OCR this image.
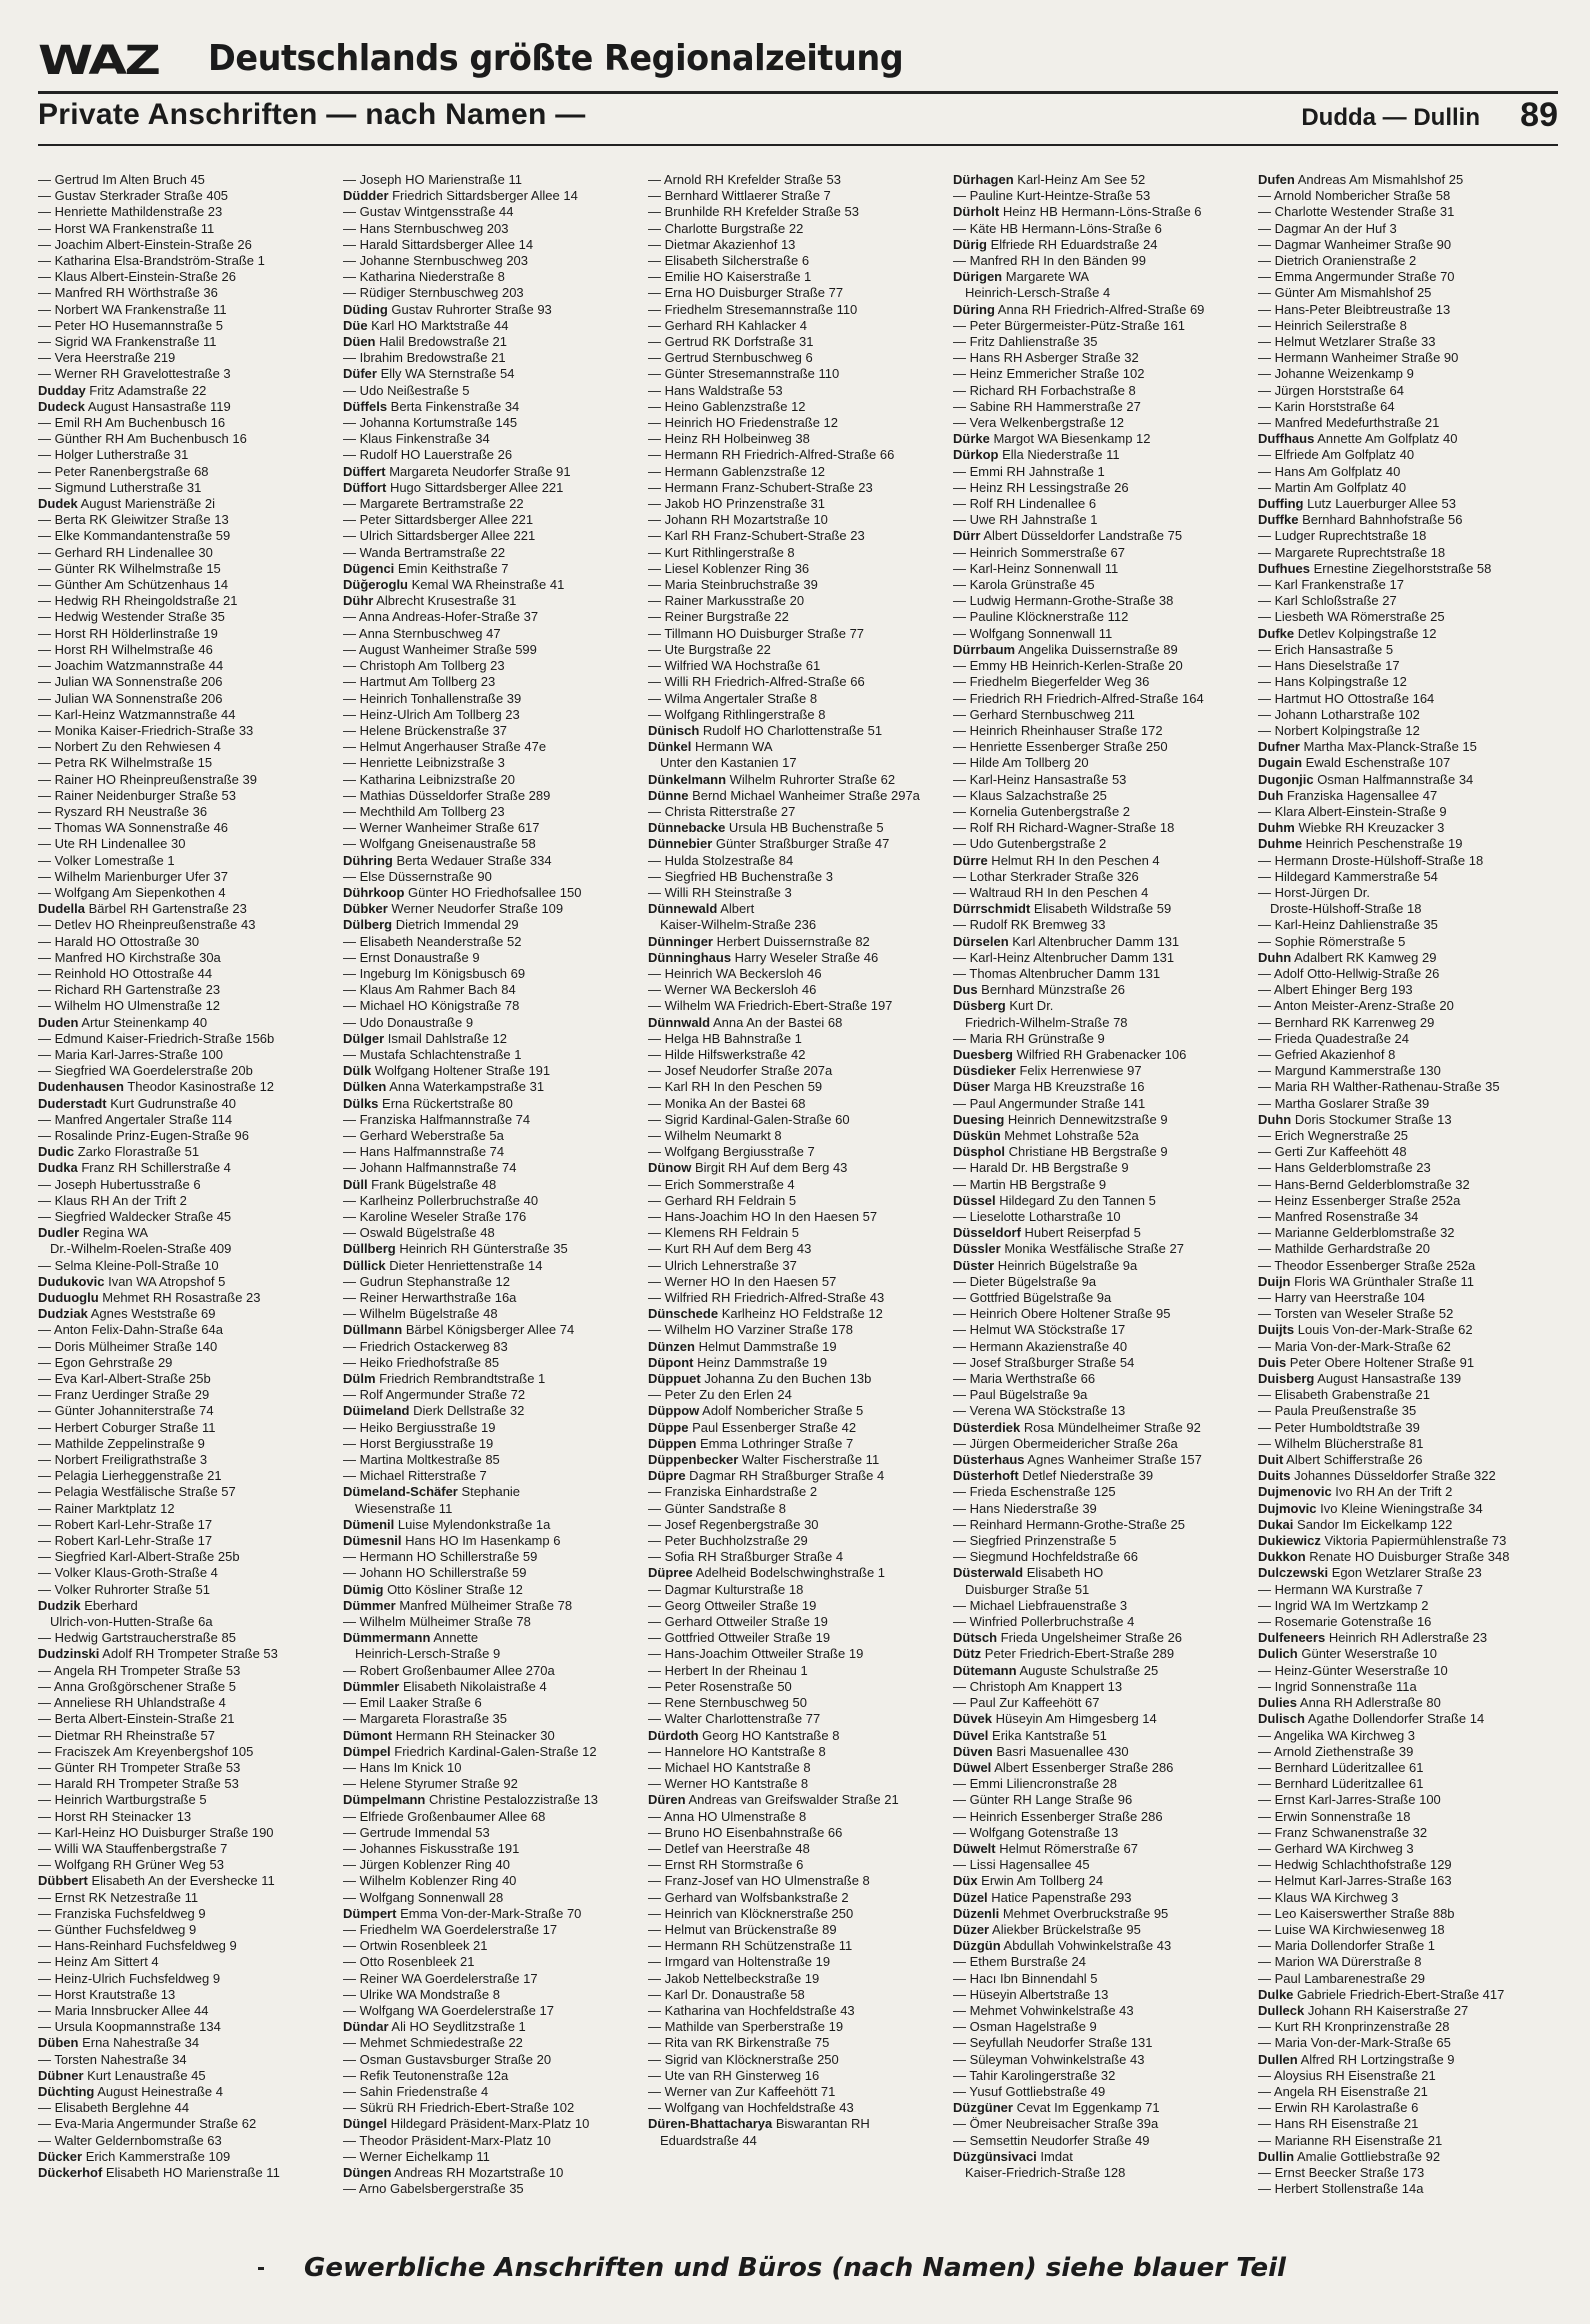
WAZ Deutschlands größte Regionalzeitung
Private Anschriften — nach Namen —	Dudda — Dullin 89
— Gertrud Im Alten Bruch 45
— Gustav Sterkrader Straße 405
— Henriette Mathildenstraße 23
— Horst WA Frankenstraße 11
— Joachim Albert-Einstein-Straße 26
— Katharina Elsa-Brandström-Straße 1
— Klaus Albert-Einstein-Straße 26
— Manfred RH Wörthstraße 36
— Norbert WA Frankenstraße 11
— Peter HO Husemannstraße 5
— Sigrid WA Frankenstraße 11
— Vera Heerstraße 219
— Werner RH Gravelottestraße 3
Dudday Fritz Adamstraße 22
Dudeck August Hansastraße 119
— Emil RH Am Buchenbusch 16
— Günther RH Am Buchenbusch 16
— Holger Lutherstraße 31
— Peter Ranenbergstraße 68
— Sigmund Lutherstraße 31
Dudek August Mariensträße 2i
— Berta RK Gleiwitzer Straße 13
— Elke Kommandantenstraße 59
— Gerhard RH Lindenallee 30
— Günter RK Wilhelmstraße 15
— Günther Am Schützenhaus 14
— Hedwig RH Rheingoldstraße 21
— Hedwig Westender Straße 35
— Horst RH Hölderlinstraße 19
— Horst RH Wilhelmstraße 46
— Joachim Watzmannstraße 44
— Julian WA Sonnenstraße 206
— Julian WA Sonnenstraße 206
— Karl-Heinz Watzmannstraße 44
— Monika Kaiser-Friedrich-Straße 33
— Norbert Zu den Rehwiesen 4
— Petra RK Wilhelmstraße 15
— Rainer HO Rheinpreußenstraße 39
— Rainer Neidenburger Straße 53
— Ryszard RH Neustraße 36
— Thomas WA Sonnenstraße 46
— Ute RH Lindenallee 30
— Volker Lomestraße 1
— Wilhelm Marienburger Ufer 37
— Wolfgang Am Siepenkothen 4
Dudella Bärbel RH Gartenstraße 23
— Detlev HO Rheinpreußenstraße 43
— Harald HO Ottostraße 30
— Manfred HO Kirchstraße 30a
— Reinhold HO Ottostraße 44
— Richard RH Gartenstraße 23
— Wilhelm HO Ulmenstraße 12
Duden Artur Steinenkamp 40
— Edmund Kaiser-Friedrich-Straße 156b
— Maria Karl-Jarres-Straße 100
— Siegfried WA Goerdelerstraße 20b
Dudenhausen Theodor Kasinostraße 12
Duderstadt Kurt Gudrunstraße 40
— Manfred Angertaler Straße 114
— Rosalinde Prinz-Eugen-Straße 96
Dudic Zarko Florastraße 51
Dudka Franz RH Schillerstraße 4
— Joseph Hubertusstraße 6
— Klaus RH An der Trift 2
— Siegfried Waldecker Straße 45
Dudler Regina WA
Dr.-Wilhelm-Roelen-Straße 409
— Selma Kleine-Poll-Straße 10
Dudukovic Ivan WA Atropshof 5
Duduoglu Mehmet RH Rosastraße 23
Dudziak Agnes Weststraße 69
— Anton Felix-Dahn-Straße 64a
— Doris Mülheimer Straße 140
— Egon Gehrstraße 29
— Eva Karl-Albert-Straße 25b
— Franz Uerdinger Straße 29
— Günter Johanniterstraße 74
— Herbert Coburger Straße 11
— Mathilde Zeppelinstraße 9
— Norbert Freiligrathstraße 3
— Pelagia Lierheggenstraße 21
— Pelagia Westfälische Straße 57
— Rainer Marktplatz 12
— Robert Karl-Lehr-Straße 17
— Robert Karl-Lehr-Straße 17
— Siegfried Karl-Albert-Straße 25b
— Volker Klaus-Groth-Straße 4
— Volker Ruhrorter Straße 51
Dudzik Eberhard
Ulrich-von-Hutten-Straße 6a
— Hedwig Gartstraucherstraße 85
Dudzinski Adolf RH Trompeter Straße 53
— Angela RH Trompeter Straße 53
— Anna Großgörschener Straße 5
— Anneliese RH Uhlandstraße 4
— Berta Albert-Einstein-Straße 21
— Dietmar RH Rheinstraße 57
— Fraciszek Am Kreyenbergshof 105
— Günter RH Trompeter Straße 53
— Harald RH Trompeter Straße 53
— Heinrich Wartburgstraße 5
— Horst RH Steinacker 13
— Karl-Heinz HO Duisburger Straße 190
— Willi WA Stauffenbergstraße 7
— Wolfgang RH Grüner Weg 53
Dübbert Elisabeth An der Evershecke 11
— Ernst RK Netzestraße 11
— Franziska Fuchsfeldweg 9
— Günther Fuchsfeldweg 9
— Hans-Reinhard Fuchsfeldweg 9
— Heinz Am Sittert 4
— Heinz-Ulrich Fuchsfeldweg 9
— Horst Krautstraße 13
— Maria Innsbrucker Allee 44
— Ursula Koopmannstraße 134
Düben Erna Nahestraße 34
— Torsten Nahestraße 34
Dübner Kurt Lenaustraße 45
Düchting August Heinestraße 4
— Elisabeth Berglehne 44
— Eva-Maria Angermunder Straße 62
— Walter Geldernbomstraße 63
Dücker Erich Kammerstraße 109
Dückerhof Elisabeth HO Marienstraße 11
— Joseph HO Marienstraße 11
Düdder Friedrich Sittardsberger Allee 14
— Gustav Wintgensstraße 44
— Hans Sternbuschweg 203
— Harald Sittardsberger Allee 14
— Johanne Sternbuschweg 203
— Katharina Niederstraße 8
— Rüdiger Sternbuschweg 203
Düding Gustav Ruhrorter Straße 93
Düe Karl HO Marktstraße 44
Düen Halil Bredowstraße 21
— Ibrahim Bredowstraße 21
Düfer Elly WA Sternstraße 54
— Udo Neißestraße 5
Düffels Berta Finkenstraße 34
— Johanna Kortumstraße 145
— Klaus Finkenstraße 34
— Rudolf HO Lauerstraße 26
Düffert Margareta Neudorfer Straße 91
Düffort Hugo Sittardsberger Allee 221
— Margarete Bertramstraße 22
— Peter Sittardsberger Allee 221
— Ulrich Sittardsberger Allee 221
— Wanda Bertramstraße 22
Dügenci Emin Keithstraße 7
Düğeroglu Kemal WA Rheinstraße 41
Dühr Albrecht Krusestraße 31
— Anna Andreas-Hofer-Straße 37
— Anna Sternbuschweg 47
— August Wanheimer Straße 599
— Christoph Am Tollberg 23
— Hartmut Am Tollberg 23
— Heinrich Tonhallenstraße 39
— Heinz-Ulrich Am Tollberg 23
— Helene Brückenstraße 37
— Helmut Angerhauser Straße 47e
— Henriette Leibnizstraße 3
— Katharina Leibnizstraße 20
— Mathias Düsseldorfer Straße 289
— Mechthild Am Tollberg 23
— Werner Wanheimer Straße 617
— Wolfgang Gneisenaustraße 58
Dühring Berta Wedauer Straße 334
— Else Düssernstraße 90
Dührkoop Günter HO Friedhofsallee 150
Dübker Werner Neudorfer Straße 109
Dülberg Dietrich Immendal 29
— Elisabeth Neanderstraße 52
— Ernst Donaustraße 9
— Ingeburg Im Königsbusch 69
— Klaus Am Rahmer Bach 84
— Michael HO Königstraße 78
— Udo Donaustraße 9
Dülger Ismail Dahlstraße 12
— Mustafa Schlachtenstraße 1
Dülk Wolfgang Holtener Straße 191
Dülken Anna Waterkampstraße 31
Dülks Erna Rückertstraße 80
— Franziska Halfmannstraße 74
— Gerhard Weberstraße 5a
— Hans Halfmannstraße 74
— Johann Halfmannstraße 74
Düll Frank Bügelstraße 48
— Karlheinz Pollerbruchstraße 40
— Karoline Weseler Straße 176
— Oswald Bügelstraße 48
Düllberg Heinrich RH Günterstraße 35
Düllick Dieter Henriettenstraße 14
— Gudrun Stephanstraße 12
— Reiner Herwarthstraße 16a
— Wilhelm Bügelstraße 48
Düllmann Bärbel Königsberger Allee 74
— Friedrich Ostackerweg 83
— Heiko Friedhofstraße 85
Dülm Friedrich Rembrandtstraße 1
— Rolf Angermunder Straße 72
Düimeland Dierk Dellstraße 32
— Heiko Bergiusstraße 19
— Horst Bergiusstraße 19
— Martina Moltkestraße 85
— Michael Ritterstraße 7
Dümeland-Schäfer Stephanie
Wiesenstraße 11
Dümenil Luise Mylendonkstraße 1a
Dümesnil Hans HO Im Hasenkamp 6
— Hermann HO Schillerstraße 59
— Johann HO Schillerstraße 59
Dümig Otto Kösliner Straße 12
Dümmer Manfred Mülheimer Straße 78
— Wilhelm Mülheimer Straße 78
Dümmermann Annette
Heinrich-Lersch-Straße 9
— Robert Großenbaumer Allee 270a
Dümmler Elisabeth Nikolaistraße 4
— Emil Laaker Straße 6
— Margareta Florastraße 35
Dümont Hermann RH Steinacker 30
Dümpel Friedrich Kardinal-Galen-Straße 12
— Hans Im Knick 10
— Helene Styrumer Straße 92
Dümpelmann Christine Pestalozzistraße 13
— Elfriede Großenbaumer Allee 68
— Gertrude Immendal 53
— Johannes Fiskusstraße 191
— Jürgen Koblenzer Ring 40
— Wilhelm Koblenzer Ring 40
— Wolfgang Sonnenwall 28
Dümpert Emma Von-der-Mark-Straße 70
— Friedhelm WA Goerdelerstraße 17
— Ortwin Rosenbleek 21
— Otto Rosenbleek 21
— Reiner WA Goerdelerstraße 17
— Ulrike WA Mondstraße 8
— Wolfgang WA Goerdelerstraße 17
Dündar Ali HO Seydlitzstraße 1
— Mehmet Schmiedestraße 22
— Osman Gustavsburger Straße 20
— Refik Teutonenstraße 12a
— Sahin Friedenstraße 4
— Sükrü RH Friedrich-Ebert-Straße 102
Düngel Hildegard Präsident-Marx-Platz 10
— Theodor Präsident-Marx-Platz 10
— Werner Eichelkamp 11
Düngen Andreas RH Mozartstraße 10
— Arno Gabelsbergerstraße 35
— Arnold RH Krefelder Straße 53
— Bernhard Wittlaerer Straße 7
— Brunhilde RH Krefelder Straße 53
— Charlotte Burgstraße 22
— Dietmar Akazienhof 13
— Elisabeth Silcherstraße 6
— Emilie HO Kaiserstraße 1
— Erna HO Duisburger Straße 77
— Friedhelm Stresemannstraße 110
— Gerhard RH Kahlacker 4
— Gertrud RK Dorfstraße 31
— Gertrud Sternbuschweg 6
— Günter Stresemannstraße 110
— Hans Waldstraße 53
— Heino Gablenzstraße 12
— Heinrich HO Friedenstraße 12
— Heinz RH Holbeinweg 38
— Hermann RH Friedrich-Alfred-Straße 66
— Hermann Gablenzstraße 12
— Hermann Franz-Schubert-Straße 23
— Jakob HO Prinzenstraße 31
— Johann RH Mozartstraße 10
— Karl RH Franz-Schubert-Straße 23
— Kurt Rithlingerstraße 8
— Liesel Koblenzer Ring 36
— Maria Steinbruchstraße 39
— Rainer Markusstraße 20
— Reiner Burgstraße 22
— Tillmann HO Duisburger Straße 77
— Ute Burgstraße 22
— Wilfried WA Hochstraße 61
— Willi RH Friedrich-Alfred-Straße 66
— Wilma Angertaler Straße 8
— Wolfgang Rithlingerstraße 8
Dünisch Rudolf HO Charlottenstraße 51
Dünkel Hermann WA
Unter den Kastanien 17
Dünkelmann Wilhelm Ruhrorter Straße 62
Dünne Bernd Michael Wanheimer Straße 297a
— Christa Ritterstraße 27
Dünnebacke Ursula HB Buchenstraße 5
Dünnebier Günter Straßburger Straße 47
— Hulda Stolzestraße 84
— Siegfried HB Buchenstraße 3
— Willi RH Steinstraße 3
Dünnewald Albert
Kaiser-Wilhelm-Straße 236
Dünninger Herbert Duissernstraße 82
Dünninghaus Harry Weseler Straße 46
— Heinrich WA Beckersloh 46
— Werner WA Beckersloh 46
— Wilhelm WA Friedrich-Ebert-Straße 197
Dünnwald Anna An der Bastei 68
— Helga HB Bahnstraße 1
— Hilde Hilfswerkstraße 42
— Josef Neudorfer Straße 207a
— Karl RH In den Peschen 59
— Monika An der Bastei 68
— Sigrid Kardinal-Galen-Straße 60
— Wilhelm Neumarkt 8
— Wolfgang Bergiusstraße 7
Dünow Birgit RH Auf dem Berg 43
— Erich Sommerstraße 4
— Gerhard RH Feldrain 5
— Hans-Joachim HO In den Haesen 57
— Klemens RH Feldrain 5
— Kurt RH Auf dem Berg 43
— Ulrich Lehnerstraße 37
— Werner HO In den Haesen 57
— Wilfried RH Friedrich-Alfred-Straße 43
Dünschede Karlheinz HO Feldstraße 12
— Wilhelm HO Varziner Straße 178
Dünzen Helmut Dammstraße 19
Düpont Heinz Dammstraße 19
Düppuet Johanna Zu den Buchen 13b
— Peter Zu den Erlen 24
Düppow Adolf Nombericher Straße 5
Düppe Paul Essenberger Straße 42
Düppen Emma Lothringer Straße 7
Düppenbecker Walter Fischerstraße 11
Düpre Dagmar RH Straßburger Straße 4
— Franziska Einhardstraße 2
— Günter Sandstraße 8
— Josef Regenbergstraße 30
— Peter Buchholzstraße 29
— Sofia RH Straßburger Straße 4
Düpree Adelheid Bodelschwinghstraße 1
— Dagmar Kulturstraße 18
— Georg Ottweiler Straße 19
— Gerhard Ottweiler Straße 19
— Gottfried Ottweiler Straße 19
— Hans-Joachim Ottweiler Straße 19
— Herbert In der Rheinau 1
— Peter Rosenstraße 50
— Rene Sternbuschweg 50
— Walter Charlottenstraße 77
Dürdoth Georg HO Kantstraße 8
— Hannelore HO Kantstraße 8
— Michael HO Kantstraße 8
— Werner HO Kantstraße 8
Düren Andreas van Greifswalder Straße 21
— Anna HO Ulmenstraße 8
— Bruno HO Eisenbahnstraße 66
— Detlef van Heerstraße 48
— Ernst RH Stormstraße 6
— Franz-Josef van HO Ulmenstraße 8
— Gerhard van Wolfsbankstraße 2
— Heinrich van Klöcknerstraße 250
— Helmut van Brückenstraße 89
— Hermann RH Schützenstraße 11
— Irmgard van Holtenstraße 19
— Jakob Nettelbeckstraße 19
— Karl Dr. Donaustraße 58
— Katharina van Hochfeldstraße 43
— Mathilde van Sperberstraße 19
— Rita van RK Birkenstraße 75
— Sigrid van Klöcknerstraße 250
— Ute van RH Ginsterweg 16
— Werner van Zur Kaffeehött 71
— Wolfgang van Hochfeldstraße 43
Düren-Bhattacharya Biswarantan RH
Eduardstraße 44
Dürhagen Karl-Heinz Am See 52
— Pauline Kurt-Heintze-Straße 53
Dürholt Heinz HB Hermann-Löns-Straße 6
— Käte HB Hermann-Löns-Straße 6
Dürig Elfriede RH Eduardstraße 24
— Manfred RH In den Bänden 99
Dürigen Margarete WA
Heinrich-Lersch-Straße 4
Düring Anna RH Friedrich-Alfred-Straße 69
— Peter Bürgermeister-Pütz-Straße 161
— Fritz Dahlienstraße 35
— Hans RH Asberger Straße 32
— Heinz Emmericher Straße 102
— Richard RH Forbachstraße 8
— Sabine RH Hammerstraße 27
— Vera Welkenbergstraße 12
Dürke Margot WA Biesenkamp 12
Dürkop Ella Niederstraße 11
— Emmi RH Jahnstraße 1
— Heinz RH Lessingstraße 26
— Rolf RH Lindenallee 6
— Uwe RH Jahnstraße 1
Dürr Albert Düsseldorfer Landstraße 75
— Heinrich Sommerstraße 67
— Karl-Heinz Sonnenwall 11
— Karola Grünstraße 45
— Ludwig Hermann-Grothe-Straße 38
— Pauline Klöcknerstraße 112
— Wolfgang Sonnenwall 11
Dürrbaum Angelika Duissernstraße 89
— Emmy HB Heinrich-Kerlen-Straße 20
— Friedhelm Biegerfelder Weg 36
— Friedrich RH Friedrich-Alfred-Straße 164
— Gerhard Sternbuschweg 211
— Heinrich Rheinhauser Straße 172
— Henriette Essenberger Straße 250
— Hilde Am Tollberg 20
— Karl-Heinz Hansastraße 53
— Klaus Salzachstraße 25
— Kornelia Gutenbergstraße 2
— Rolf RH Richard-Wagner-Straße 18
— Udo Gutenbergstraße 2
Dürre Helmut RH In den Peschen 4
— Lothar Sterkrader Straße 326
— Waltraud RH In den Peschen 4
Dürrschmidt Elisabeth Wildstraße 59
— Rudolf RK Bremweg 33
Dürselen Karl Altenbrucher Damm 131
— Karl-Heinz Altenbrucher Damm 131
— Thomas Altenbrucher Damm 131
Dus Bernhard Münzstraße 26
Düsberg Kurt Dr.
Friedrich-Wilhelm-Straße 78
— Maria RH Grünstraße 9
Duesberg Wilfried RH Grabenacker 106
Düsdieker Felix Herrenwiese 97
Düser Marga HB Kreuzstraße 16
— Paul Angermunder Straße 141
Duesing Heinrich Dennewitzstraße 9
Düskün Mehmet Lohstraße 52a
Düsphol Christiane HB Bergstraße 9
— Harald Dr. HB Bergstraße 9
— Martin HB Bergstraße 9
Düssel Hildegard Zu den Tannen 5
— Lieselotte Lotharstraße 10
Düsseldorf Hubert Reiserpfad 5
Düssler Monika Westfälische Straße 27
Düster Heinrich Bügelstraße 9a
— Dieter Bügelstraße 9a
— Gottfried Bügelstraße 9a
— Heinrich Obere Holtener Straße 95
— Helmut WA Stöckstraße 17
— Hermann Akazienstraße 40
— Josef Straßburger Straße 54
— Maria Werthstraße 66
— Paul Bügelstraße 9a
— Verena WA Stöckstraße 13
Düsterdiek Rosa Mündelheimer Straße 92
— Jürgen Obermeidericher Straße 26a
Düsterhaus Agnes Wanheimer Straße 157
Düsterhoft Detlef Niederstraße 39
— Frieda Eschenstraße 125
— Hans Niederstraße 39
— Reinhard Hermann-Grothe-Straße 25
— Siegfried Prinzenstraße 5
— Siegmund Hochfeldstraße 66
Düsterwald Elisabeth HO
Duisburger Straße 51
— Michael Liebfrauenstraße 3
— Winfried Pollerbruchstraße 4
Dütsch Frieda Ungelsheimer Straße 26
Dütz Peter Friedrich-Ebert-Straße 289
Dütemann Auguste Schulstraße 25
— Christoph Am Knappert 13
— Paul Zur Kaffeehött 67
Düvek Hüseyin Am Himgesberg 14
Düvel Erika Kantstraße 51
Düven Basri Masuenallee 430
Düwel Albert Essenberger Straße 286
— Emmi Liliencronstraße 28
— Günter RH Lange Straße 96
— Heinrich Essenberger Straße 286
— Wolfgang Gotenstraße 13
Düwelt Helmut Römerstraße 67
— Lissi Hagensallee 45
Düx Erwin Am Tollberg 24
Düzel Hatice Papenstraße 293
Düzenli Mehmet Overbruckstraße 95
Düzer Aliekber Brückelstraße 95
Düzgün Abdullah Vohwinkelstraße 43
— Ethem Burstraße 24
— Hacı Ibn Binnendahl 5
— Hüseyin Albertstraße 13
— Mehmet Vohwinkelstraße 43
— Osman Hagelstraße 9
— Seyfullah Neudorfer Straße 131
— Süleyman Vohwinkelstraße 43
— Tahir Karolingerstraße 32
— Yusuf Gottliebstraße 49
Düzgüner Cevat Im Eggenkamp 71
— Ömer Neubreisacher Straße 39a
— Semsettin Neudorfer Straße 49
Düzgünsivaci Imdat
Kaiser-Friedrich-Straße 128
Dufen Andreas Am Mismahlshof 25
— Arnold Nombericher Straße 58
— Charlotte Westender Straße 31
— Dagmar An der Huf 3
— Dagmar Wanheimer Straße 90
— Dietrich Oranienstraße 2
— Emma Angermunder Straße 70
— Günter Am Mismahlshof 25
— Hans-Peter Bleibtreustraße 13
— Heinrich Seilerstraße 8
— Helmut Wetzlarer Straße 33
— Hermann Wanheimer Straße 90
— Johanne Weizenkamp 9
— Jürgen Horststraße 64
— Karin Horststraße 64
— Manfred Medefurthstraße 21
Duffhaus Annette Am Golfplatz 40
— Elfriede Am Golfplatz 40
— Hans Am Golfplatz 40
— Martin Am Golfplatz 40
Duffing Lutz Lauerburger Allee 53
Duffke Bernhard Bahnhofstraße 56
— Ludger Ruprechtstraße 18
— Margarete Ruprechtstraße 18
Dufhues Ernestine Ziegelhorststraße 58
— Karl Frankenstraße 17
— Karl Schloßstraße 27
— Liesbeth WA Römerstraße 25
Dufke Detlev Kolpingstraße 12
— Erich Hansastraße 5
— Hans Dieselstraße 17
— Hans Kolpingstraße 12
— Hartmut HO Ottostraße 164
— Johann Lotharstraße 102
— Norbert Kolpingstraße 12
Dufner Martha Max-Planck-Straße 15
Dugain Ewald Eschenstraße 107
Dugonjic Osman Halfmannstraße 34
Duh Franziska Hagensallee 47
— Klara Albert-Einstein-Straße 9
Duhm Wiebke RH Kreuzacker 3
Duhme Heinrich Peschenstraße 19
— Hermann Droste-Hülshoff-Straße 18
— Hildegard Kammerstraße 54
— Horst-Jürgen Dr.
Droste-Hülshoff-Straße 18
— Karl-Heinz Dahlienstraße 35
— Sophie Römerstraße 5
Duhn Adalbert RK Kamweg 29
— Adolf Otto-Hellwig-Straße 26
— Albert Ehinger Berg 193
— Anton Meister-Arenz-Straße 20
— Bernhard RK Karrenweg 29
— Frieda Quadestraße 24
— Gefried Akazienhof 8
— Margund Kammerstraße 130
— Maria RH Walther-Rathenau-Straße 35
— Martha Goslarer Straße 39
Duhn Doris Stockumer Straße 13
— Erich Wegnerstraße 25
— Gerti Zur Kaffeehött 48
— Hans Gelderblomstraße 23
— Hans-Bernd Gelderblomstraße 32
— Heinz Essenberger Straße 252a
— Manfred Rosenstraße 34
— Marianne Gelderblomstraße 32
— Mathilde Gerhardstraße 20
— Theodor Essenberger Straße 252a
Duijn Floris WA Grünthaler Straße 11
— Harry van Heerstraße 104
— Torsten van Weseler Straße 52
Duijts Louis Von-der-Mark-Straße 62
— Maria Von-der-Mark-Straße 62
Duis Peter Obere Holtener Straße 91
Duisberg August Hansastraße 139
— Elisabeth Grabenstraße 21
— Paula Preußenstraße 35
— Peter Humboldtstraße 39
— Wilhelm Blücherstraße 81
Duit Albert Schifferstraße 26
Duits Johannes Düsseldorfer Straße 322
Dujmenovic Ivo RH An der Trift 2
Dujmovic Ivo Kleine Wieningstraße 34
Dukai Sandor Im Eickelkamp 122
Dukiewicz Viktoria Papiermühlenstraße 73
Dukkon Renate HO Duisburger Straße 348
Dulczewski Egon Wetzlarer Straße 23
— Hermann WA Kurstraße 7
— Ingrid WA Im Wertzkamp 2
— Rosemarie Gotenstraße 16
Dulfeneers Heinrich RH Adlerstraße 23
Dulich Günter Weserstraße 10
— Heinz-Günter Weserstraße 10
— Ingrid Sonnenstraße 11a
Dulies Anna RH Adlerstraße 80
Dulisch Agathe Dollendorfer Straße 14
— Angelika WA Kirchweg 3
— Arnold Ziethenstraße 39
— Bernhard Lüderitzallee 61
— Bernhard Lüderitzallee 61
— Ernst Karl-Jarres-Straße 100
— Erwin Sonnenstraße 18
— Franz Schwanenstraße 32
— Gerhard WA Kirchweg 3
— Hedwig Schlachthofstraße 129
— Helmut Karl-Jarres-Straße 163
— Klaus WA Kirchweg 3
— Leo Kaiserswerther Straße 88b
— Luise WA Kirchwiesenweg 18
— Maria Dollendorfer Straße 1
— Marion WA Dürerstraße 8
— Paul Lambarenestraße 29
Dulke Gabriele Friedrich-Ebert-Straße 417
Dulleck Johann RH Kaiserstraße 27
— Kurt RH Kronprinzenstraße 28
— Maria Von-der-Mark-Straße 65
Dullen Alfred RH Lortzingstraße 9
— Aloysius RH Eisenstraße 21
— Angela RH Eisenstraße 21
— Erwin RH Karolastraße 6
— Hans RH Eisenstraße 21
— Marianne RH Eisenstraße 21
Dullin Amalie Gottliebstraße 92
— Ernst Beecker Straße 173
— Herbert Stollenstraße 14a
Gewerbliche Anschriften und Büros (nach Namen) siehe blauer Teil
